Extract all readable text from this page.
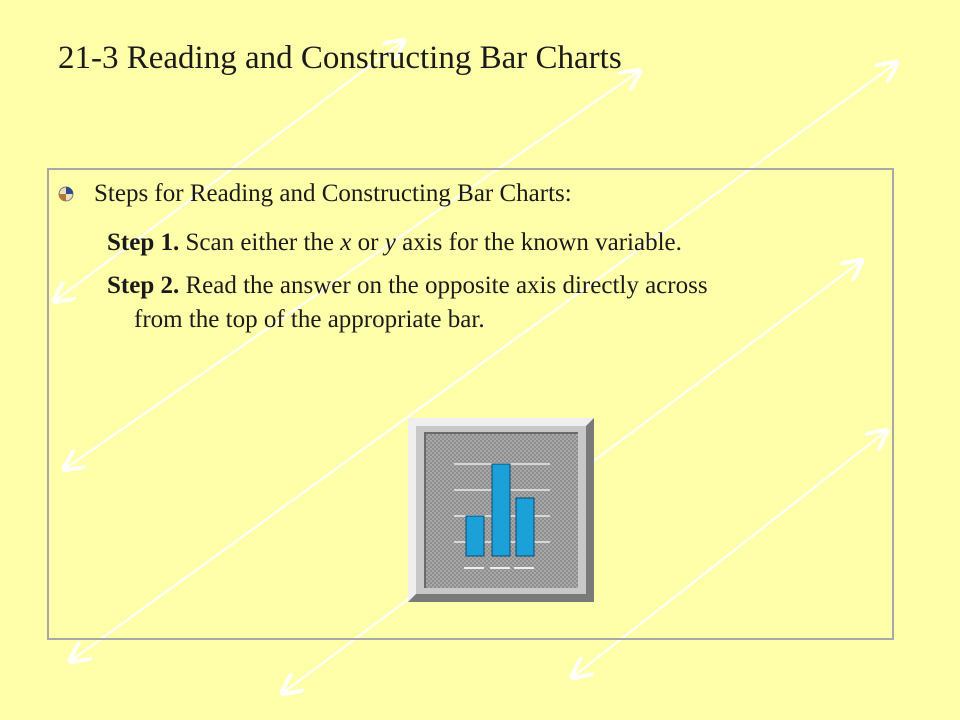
21-3 Reading and Constructing Bar Charts
Steps for Reading and Constructing Bar Charts:
Step 1. Scan either the x or y axis for the known variable.
Step 2. Read the answer on the opposite axis directly across
from the top of the appropriate bar.
